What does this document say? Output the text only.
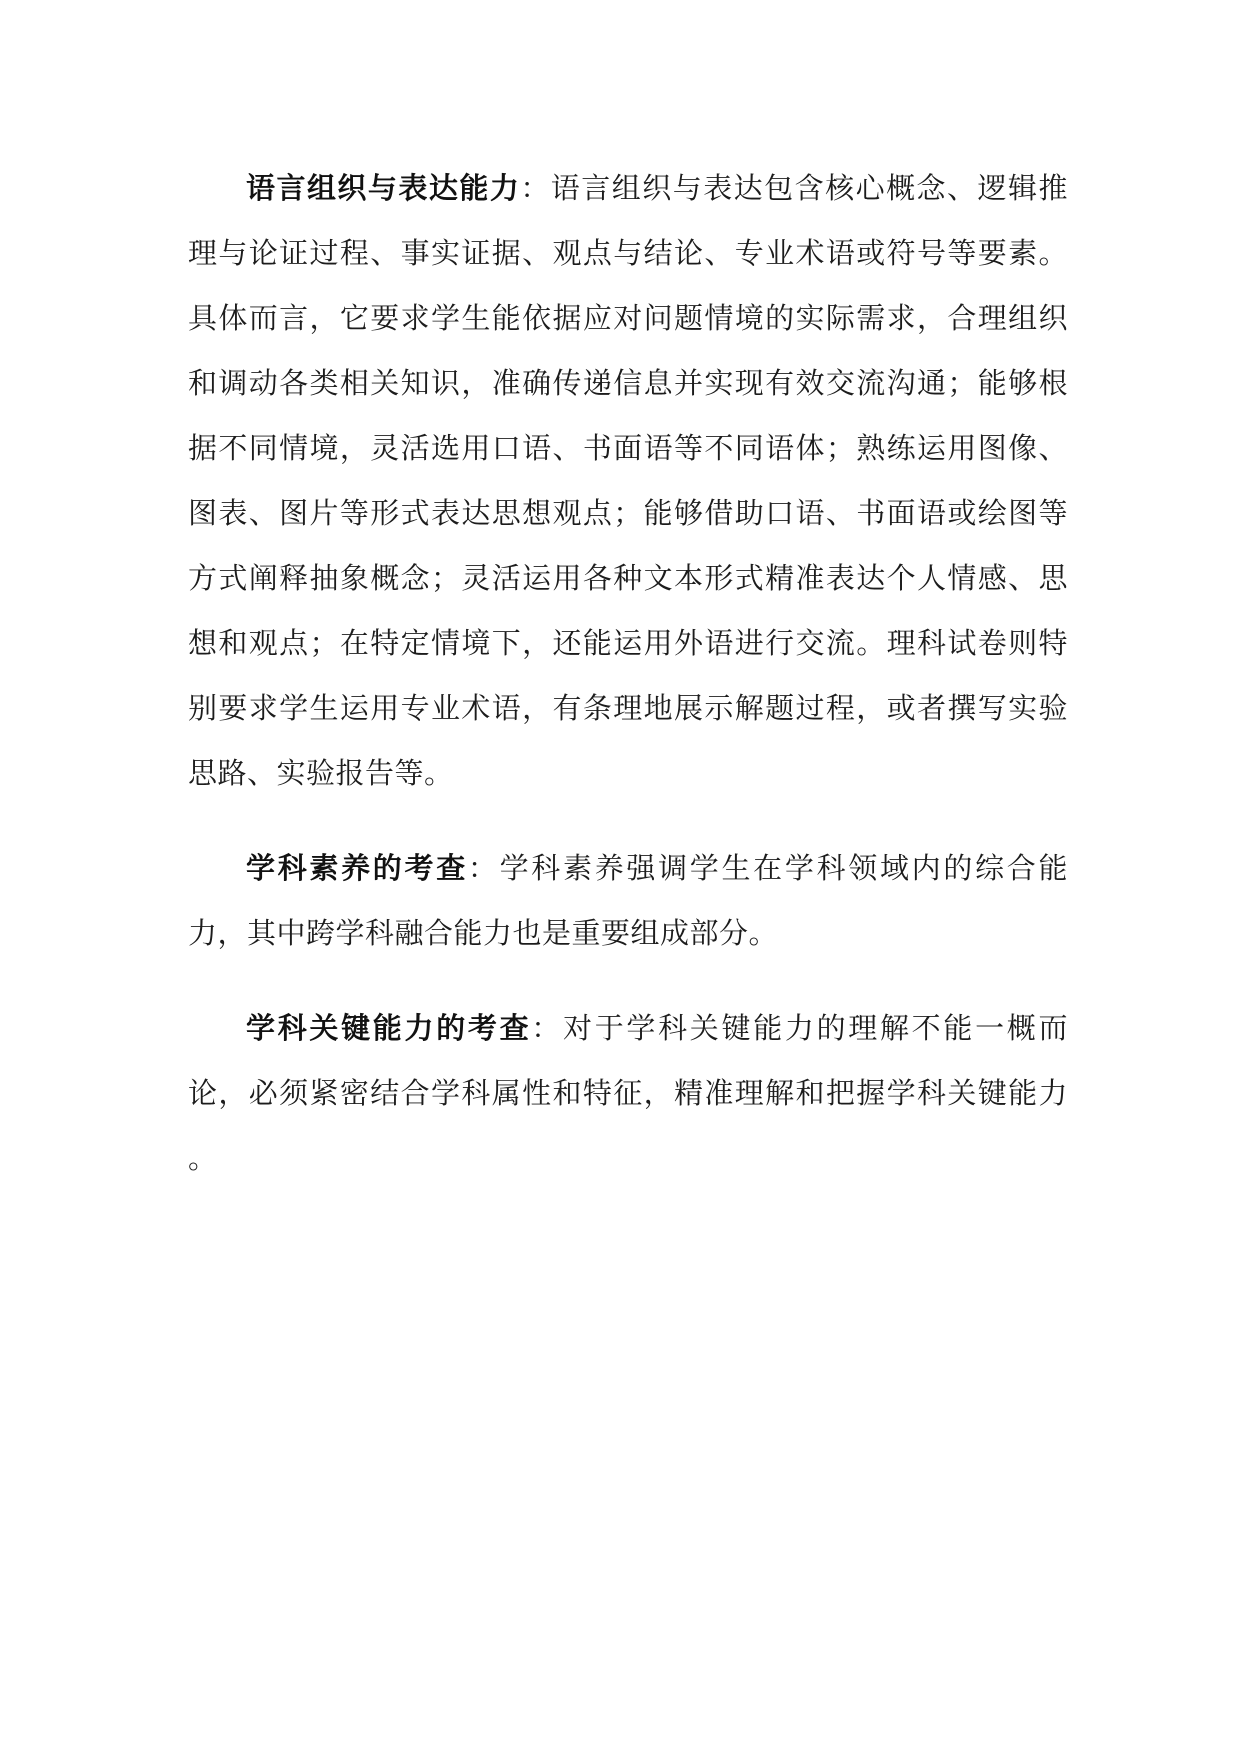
语言组织与表达能力：语言组织与表达包含核心概念、逻辑推理与论证过程、事实证据、观点与结论、专业术语或符号等要素。具体而言，它要求学生能依据应对问题情境的实际需求，合理组织和调动各类相关知识，准确传递信息并实现有效交流沟通；能够根据不同情境，灵活选用口语、书面语等不同语体；熟练运用图像、图表、图片等形式表达思想观点；能够借助口语、书面语或绘图等方式阐释抽象概念；灵活运用各种文本形式精准表达个人情感、思想和观点；在特定情境下，还能运用外语进行交流。理科试卷则特别要求学生运用专业术语，有条理地展示解题过程，或者撰写实验思路、实验报告等。

学科素养的考查：学科素养强调学生在学科领域内的综合能力，其中跨学科融合能力也是重要组成部分。

学科关键能力的考查：对于学科关键能力的理解不能一概而论，必须紧密结合学科属性和特征，精准理解和把握学科关键能力 。
